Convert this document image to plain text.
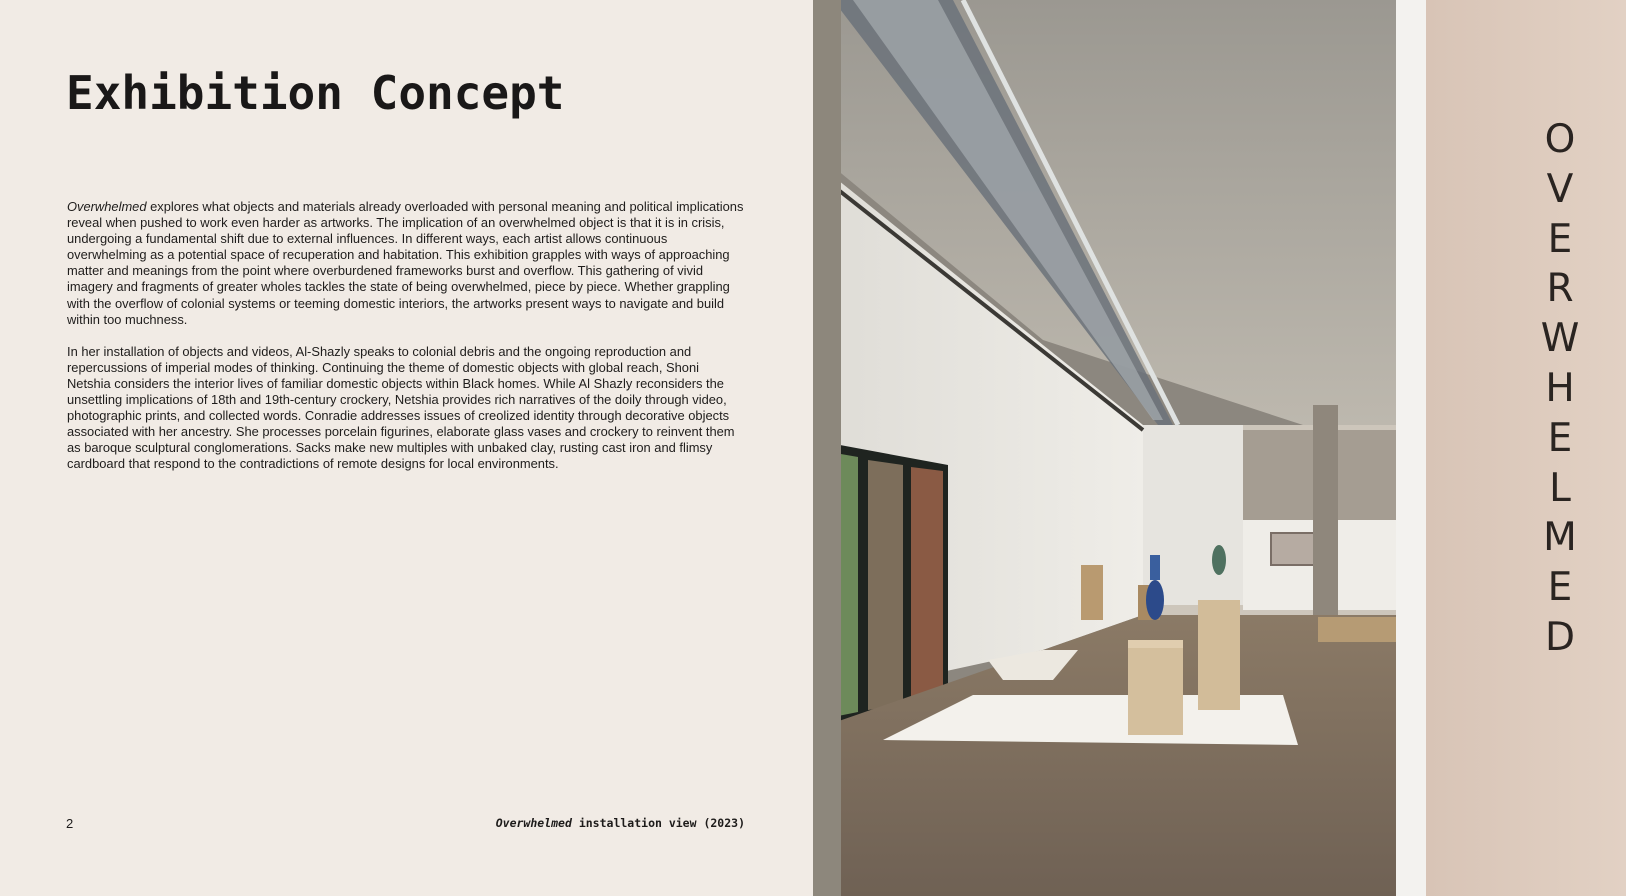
Exhibition Concept

Overwhelmed explores what objects and materials already overloaded with personal meaning and political implications reveal when pushed to work even harder as artworks. The implication of an overwhelmed object is that it is in crisis, undergoing a fundamental shift due to external influences. In different ways, each artist allows continuous overwhelming as a potential space of recuperation and habitation. This exhibition grapples with ways of approaching matter and meanings from the point where overburdened frameworks burst and overflow. This gathering of vivid imagery and fragments of greater wholes tackles the state of being overwhelmed, piece by piece. Whether grappling with the overflow of colonial systems or teeming domestic interiors, the artworks present ways to navigate and build within too muchness.

In her installation of objects and videos, Al-Shazly speaks to colonial debris and the ongoing reproduction and repercussions of imperial modes of thinking. Continuing the theme of domestic objects with global reach, Shoni Netshia considers the interior lives of familiar domestic objects within Black homes. While Al Shazly reconsiders the unsettling implications of 18th and 19th-century crockery, Netshia provides rich narratives of the doily through video, photographic prints, and collected words. Conradie addresses issues of creolized identity through decorative objects associated with her ancestry. She processes porcelain figurines, elaborate glass vases and crockery to reinvent them as baroque sculptural conglomerations. Sacks make new multiples with unbaked clay, rusting cast iron and flimsy cardboard that respond to the contradictions of remote designs for local environments.

2	Overwhelmed installation view (2023)
O
V
E
R
W
H
E
L
M
E
D
